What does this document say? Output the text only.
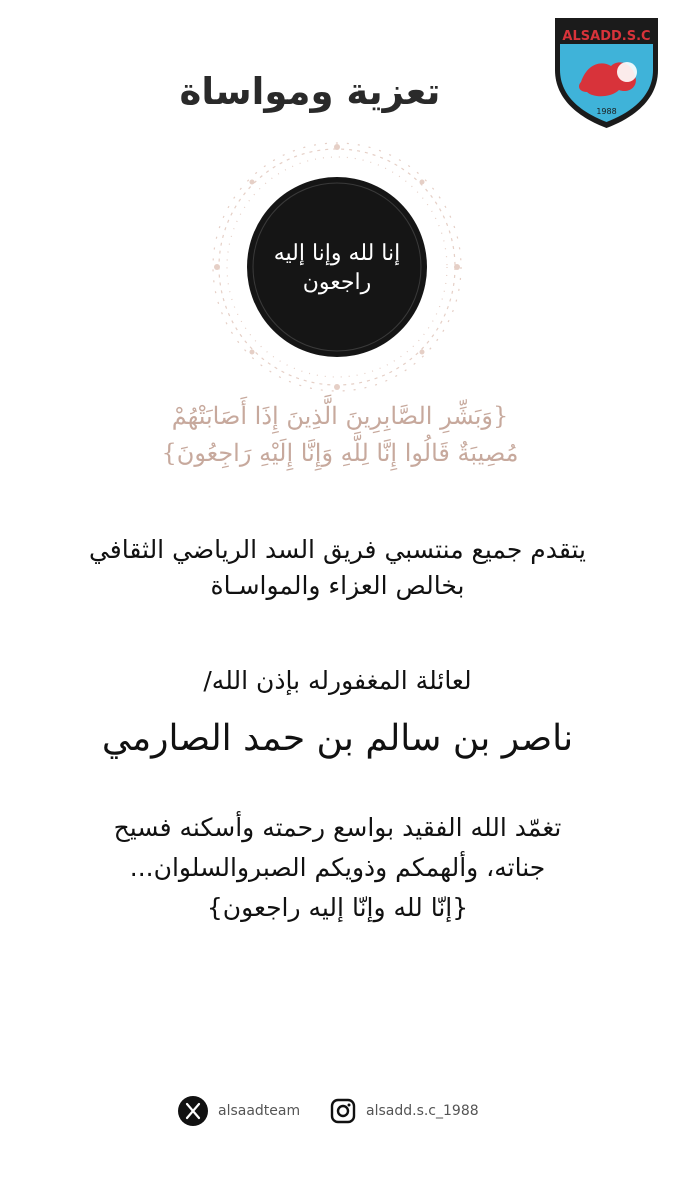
ALSADD.S.C
1988
تعزية ومواساة
إنا لله وإنا إليه راجعون
{وَبَشِّرِ الصَّابِرِينَ الَّذِينَ إِذَا أَصَابَتْهُمْ
مُصِيبَةٌ قَالُوا إِنَّا لِلَّهِ وَإِنَّا إِلَيْهِ رَاجِعُونَ}
يتقدم جميع منتسبي فريق السد الرياضي الثقافي
بخالص العزاء والمواسـاة
لعائلة المغفورله بإذن الله/
ناصر بن سالم بن حمد الصارمي
تغمّد الله الفقيد بواسع رحمته وأسكنه فسيح
جناته، وألهمكم وذويكم الصبروالسلوان...
{إنّا لله وإنّا إليه راجعون}
alsaadteam	alsadd.s.c_1988
